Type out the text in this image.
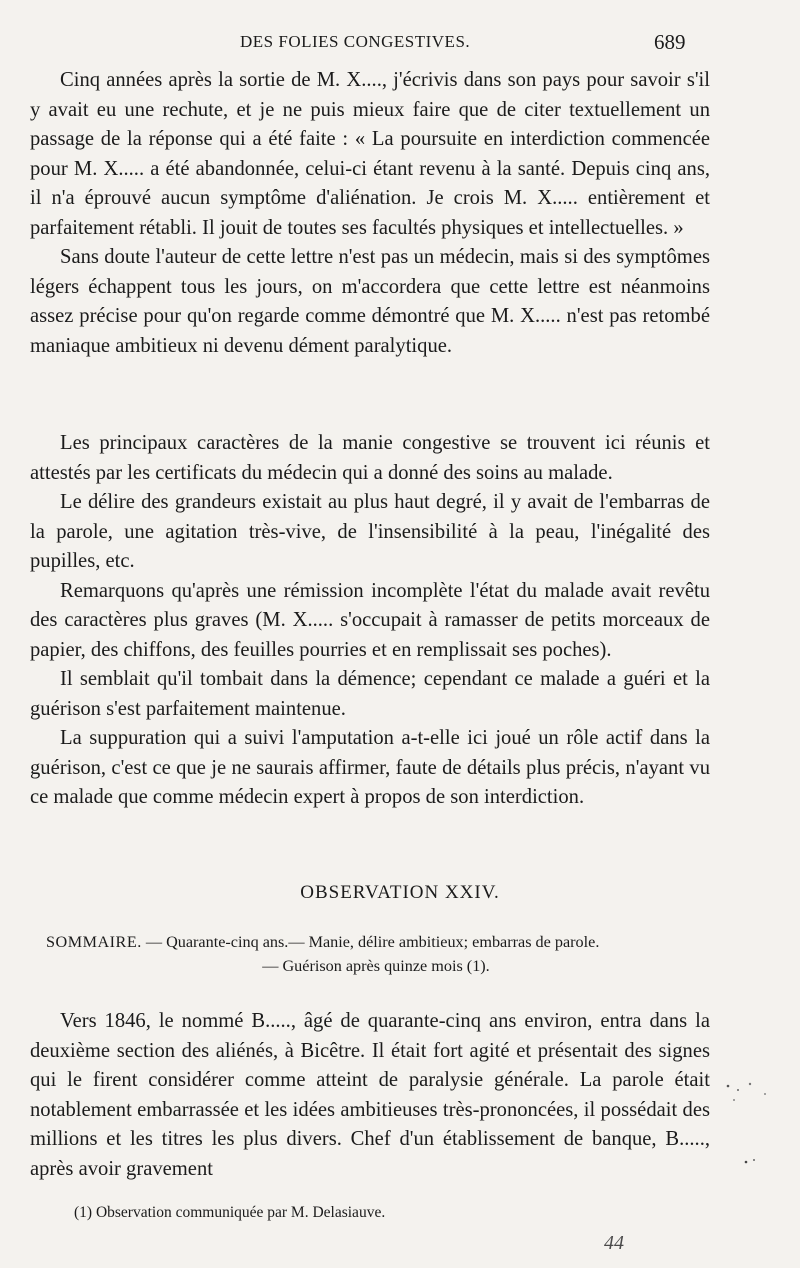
DES FOLIES CONGESTIVES.	689

Cinq années après la sortie de M. X...., j'écrivis dans son pays pour savoir s'il y avait eu une rechute, et je ne puis mieux faire que de citer textuellement un passage de la réponse qui a été faite : « La poursuite en interdiction commencée pour M. X..... a été abandonnée, celui-ci étant revenu à la santé. Depuis cinq ans, il n'a éprouvé aucun symptôme d'aliénation. Je crois M. X..... entièrement et parfaitement rétabli. Il jouit de toutes ses facultés physiques et intellectuelles. »

Sans doute l'auteur de cette lettre n'est pas un médecin, mais si des symptômes légers échappent tous les jours, on m'accordera que cette lettre est néanmoins assez précise pour qu'on regarde comme démontré que M. X..... n'est pas retombé maniaque ambitieux ni devenu dément paralytique.

Les principaux caractères de la manie congestive se trouvent ici réunis et attestés par les certificats du médecin qui a donné des soins au malade.

Le délire des grandeurs existait au plus haut degré, il y avait de l'embarras de la parole, une agitation très-vive, de l'insensibilité à la peau, l'inégalité des pupilles, etc.

Remarquons qu'après une rémission incomplète l'état du malade avait revêtu des caractères plus graves (M. X..... s'occupait à ramasser de petits morceaux de papier, des chiffons, des feuilles pourries et en remplissait ses poches).

Il semblait qu'il tombait dans la démence; cependant ce malade a guéri et la guérison s'est parfaitement maintenue.

La suppuration qui a suivi l'amputation a-t-elle ici joué un rôle actif dans la guérison, c'est ce que je ne saurais affirmer, faute de détails plus précis, n'ayant vu ce malade que comme médecin expert à propos de son interdiction.

OBSERVATION XXIV.
SOMMAIRE. — Quarante-cinq ans.— Manie, délire ambitieux; embarras de parole.
— Guérison après quinze mois (1).

Vers 1846, le nommé B....., âgé de quarante-cinq ans environ, entra dans la deuxième section des aliénés, à Bicêtre. Il était fort agité et présentait des signes qui le firent considérer comme atteint de paralysie générale. La parole était notablement embarrassée et les idées ambitieuses très-prononcées, il possédait des millions et les titres les plus divers. Chef d'un établissement de banque, B....., après avoir gravement

(1) Observation communiquée par M. Delasiauve.
44
